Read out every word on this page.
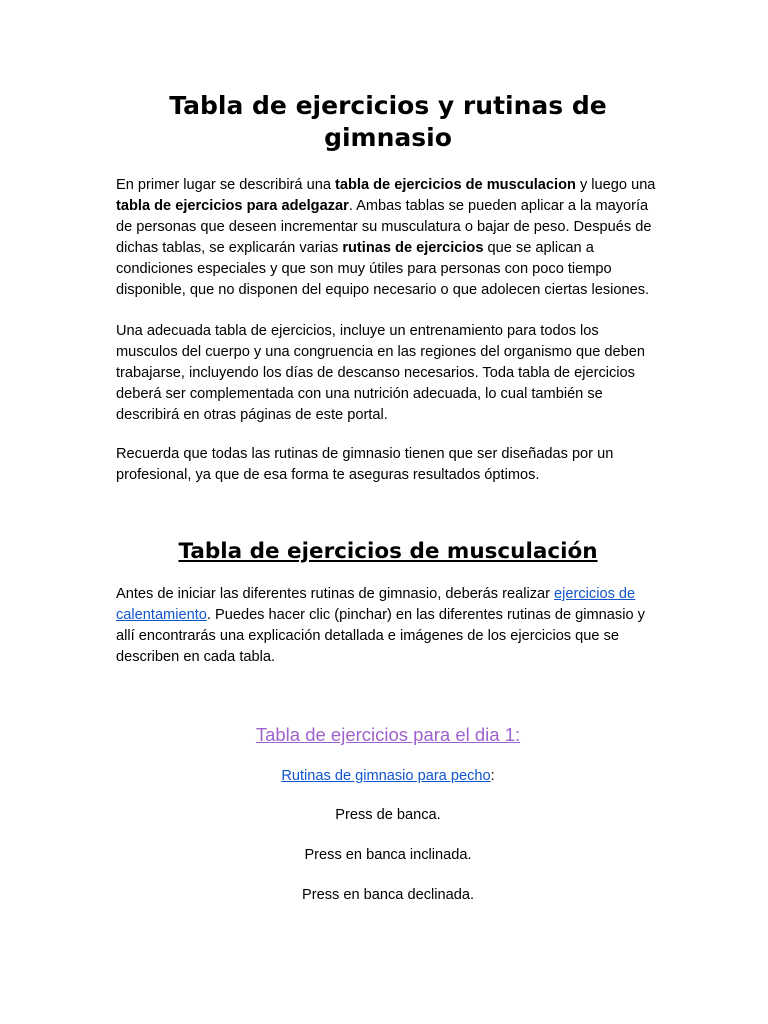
Tabla de ejercicios y rutinas de gimnasio

En primer lugar se describirá una tabla de ejercicios de musculacion y luego una tabla de ejercicios para adelgazar. Ambas tablas se pueden aplicar a la mayoría de personas que deseen incrementar su musculatura o bajar de peso. Después de dichas tablas, se explicarán varias rutinas de ejercicios que se aplican a condiciones especiales y que son muy útiles para personas con poco tiempo disponible, que no disponen del equipo necesario o que adolecen ciertas lesiones.

Una adecuada tabla de ejercicios, incluye un entrenamiento para todos los musculos del cuerpo y una congruencia en las regiones del organismo que deben trabajarse, incluyendo los días de descanso necesarios. Toda tabla de ejercicios deberá ser complementada con una nutrición adecuada, lo cual también se describirá en otras páginas de este portal.

Recuerda que todas las rutinas de gimnasio tienen que ser diseñadas por un profesional, ya que de esa forma te aseguras resultados óptimos.

Tabla de ejercicios de musculación

Antes de iniciar las diferentes rutinas de gimnasio, deberás realizar ejercicios de calentamiento. Puedes hacer clic (pinchar) en las diferentes rutinas de gimnasio y allí encontrarás una explicación detallada e imágenes de los ejercicios que se describen en cada tabla.

Tabla de ejercicios para el dia 1:

Rutinas de gimnasio para pecho:

Press de banca.

Press en banca inclinada.

Press en banca declinada.
